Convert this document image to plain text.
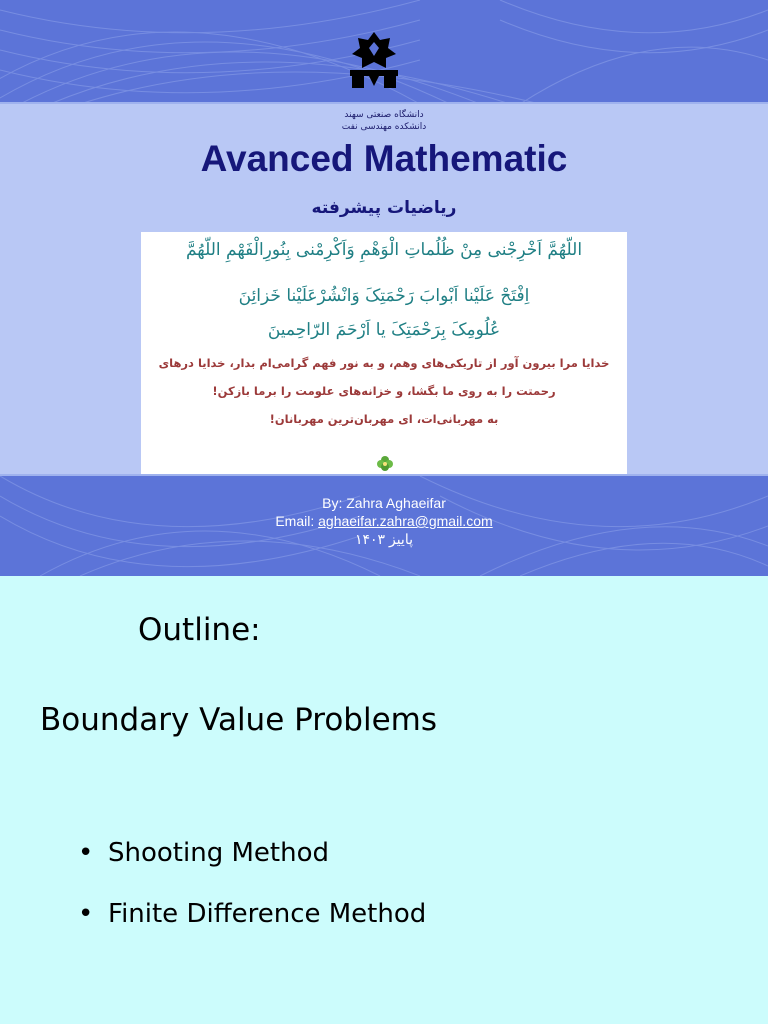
دانشگاه صنعتی سهند
دانشکده مهندسی نفت
Avanced Mathematic
ریاضیات پیشرفته
اللّهُمَّ اَخْرِجْنی مِنْ ظُلُماتِ الْوَهْمِ وَاَکْرِمْنی بِنُورِالْفَهْمِ اللّهُمَّ
اِفْتَحْ عَلَیْنا اَبْوابَ رَحْمَتِکَ وَانْشُرْعَلَیْنا خَزائِنَ
عُلُومِکَ بِرَحْمَتِکَ یا اَرْحَمَ الرّاحِمینَ
خدایا مرا بیرون آور از تاریکی‌های وهم، و به نور فهم گرامی‌ام بدار، خدایا درهای
رحمتت را به روی ما بگشا، و خزانه‌های علومت را برما بازکن!
به مهربانی‌ات، ای مهربان‌ترین مهربانان!
By: Zahra Aghaeifar
Email: aghaeifar.zahra@gmail.com
پاییز ۱۴۰۳
Outline:
Boundary Value Problems
• Shooting Method
• Finite Difference Method
